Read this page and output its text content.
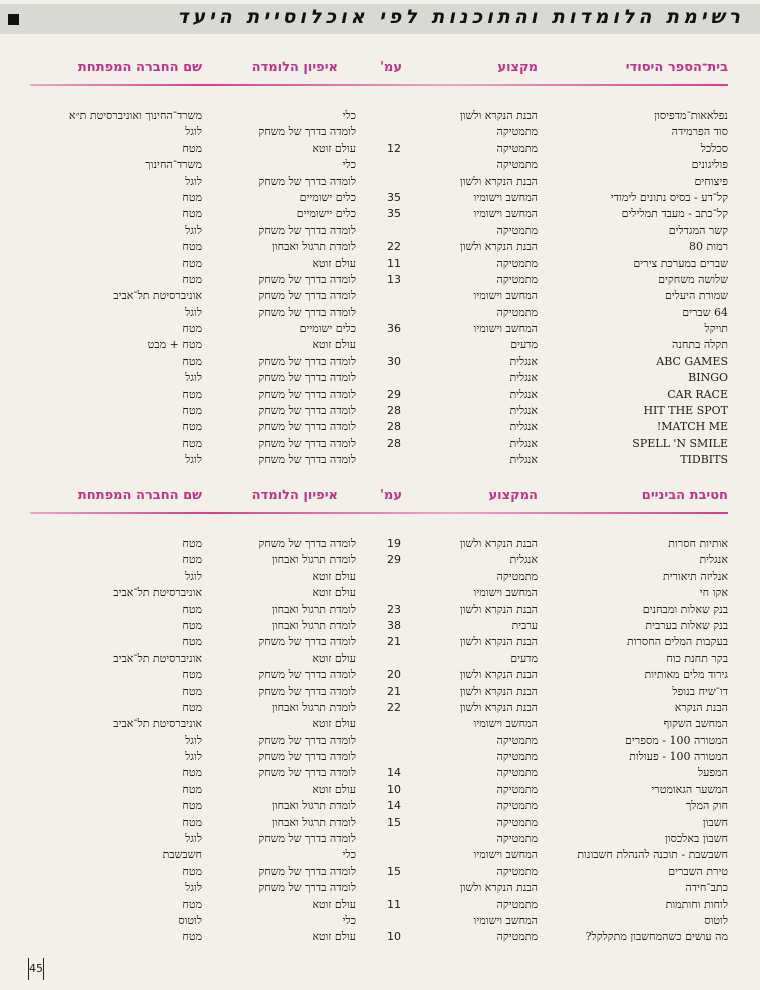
רשימת הלומדות והתוכנות לפי אוכלוסיית היעד
בית־הספר היסודי
מקצוע
עמ'
איפיון הלומדה
שם החברה המפתחת
נפלאאות־מדפיסון
הבנת הנקרא ולשון
כלי
משרד־החינוך ואוניברסיטת ת״א
סוד הפרמידה
מתמטיקה
לומדה בדרך של משחק
לוגל
סכלכל
מתמטיקה
12
עולם זוטא
מטח
פוליגונים
מתמטיקה
כלי
משרד־החינוך
פיצוחים
הבנת הנקרא ולשון
לומדה בדרך של משחק
לוגל
קל־דע - בסיס נתונים לימודי
המחשב וישומיו
35
כלים ישומיים
מטח
קל־כתב - מעבד תמלילים
המחשב וישומיו
35
כלים יישומיים
מטח
קשר המגדלים
מתמטיקה
לומדה בדרך של משחק
לוגל
רמות 80
הבנת הנקרא ולשון
22
לומדת תרגול ואבחון
מטח
שברים במערכת צירים
מתמטיקה
11
עולם זוטא
מטח
שלושה משחקים
מתמטיקה
13
לומדה בדרך של משחק
מטח
שמורת היעלים
המחשב וישומיו
לומדה בדרך של משחק
אוניברסיטת תל־אביב
64 שברים
מתמטיקה
לומדה בדרך של משחק
לוגל
תויקל
המחשב וישומיו
36
כלים ישומיים
מטח
תקלה בתחנה
מדעים
עולם זוטא
מטח + מבט
ABC GAMES
אנגלית
30
לומדה בדרך של משחק
מטח
BINGO
אנגלית
לומדה בדרך של משחק
לוגל
CAR RACE
אנגלית
29
לומדה בדרך של משחק
מטח
HIT THE SPOT
אנגלית
28
לומדה בדרך של משחק
מטח
MATCH ME!
אנגלית
28
לומדה בדרך של משחק
מטח
SPELL 'N SMILE
אנגלית
28
לומדה בדרך של משחק
מטח
TIDBITS
אנגלית
לומדה בדרך של משחק
לוגל
חטיבת הביניים
המקצוע
עמ'
איפיון הלומדה
שם החברה המפתחת
אותיות חסרות
הבנת הנקרא ולשון
19
לומדה בדרך של משחק
מטח
אנגלית
אנגלית
29
לומדת תרגול ואבחון
מטח
אנליזה תיאורית
מתמטיקה
עולם זוטא
לוגל
אקו חי
המחשב וישומיו
עולם זוטא
אוניברסיטת תל־אביב
בנק שאלות ומבחנים
הבנת הנקרא ולשון
23
לומדת תרגול ואבחון
מטח
בנק שאלות בערבית
ערבית
38
לומדת תרגול ואבחון
מטח
בעקבות המלים החסרות
הבנת הנקרא ולשון
21
לומדה בדרך של משחק
מטח
בקר תחנת כוח
מדעים
עולם זוטא
אוניברסיטת תל־אביב
גירוד מלים מאותיות
הבנת הנקרא ולשון
20
לומדה בדרך של משחק
מטח
דו־שיח בנופל
הבנת הנקרא ולשון
21
לומדה בדרך של משחק
מטח
הבנת הנקרא
הבנת הנקרא ולשון
22
לומדת תרגול ואבחון
מטח
המחשב השקוף
המחשב וישומיו
עולם זוטא
אוניברסיטת תל־אביב
המטורה 100 - מספרים
מתמטיקה
לומדה בדרך של משחק
לוגל
המטורה 100 - פעולות
מתמטיקה
לומדה בדרך של משחק
לוגל
המפעל
מתמטיקה
14
לומדה בדרך של משחק
מטח
המשער הגאומטרי
מתמטיקה
10
עולם זוטא
מטח
חוק המלך
מתמטיקה
14
לומדת תרגול ואבחון
מטח
חשבון
מתמטיקה
15
לומדת תרגול ואבחון
מטח
חשבון באלכסון
מתמטיקה
לומדה בדרך של משחק
לוגל
חשבשבת - תוכנה להנהלת חשבונות
המחשב וישומיו
כלי
חשבשבת
טירת השברים
מתמטיקה
15
לומדה בדרך של משחק
מטח
כתב־חידה
הבנת הנקרא ולשון
לומדה בדרך של משחק
לוגל
לוחות וחותמות
מתמטיקה
11
עולם זוטא
מטח
לוטוס
המחשב וישומיו
כלי
לוטוס
מה עושים כשהמחשבון מתקלקל?
מתמטיקה
10
עולם זוטא
מטח
45
